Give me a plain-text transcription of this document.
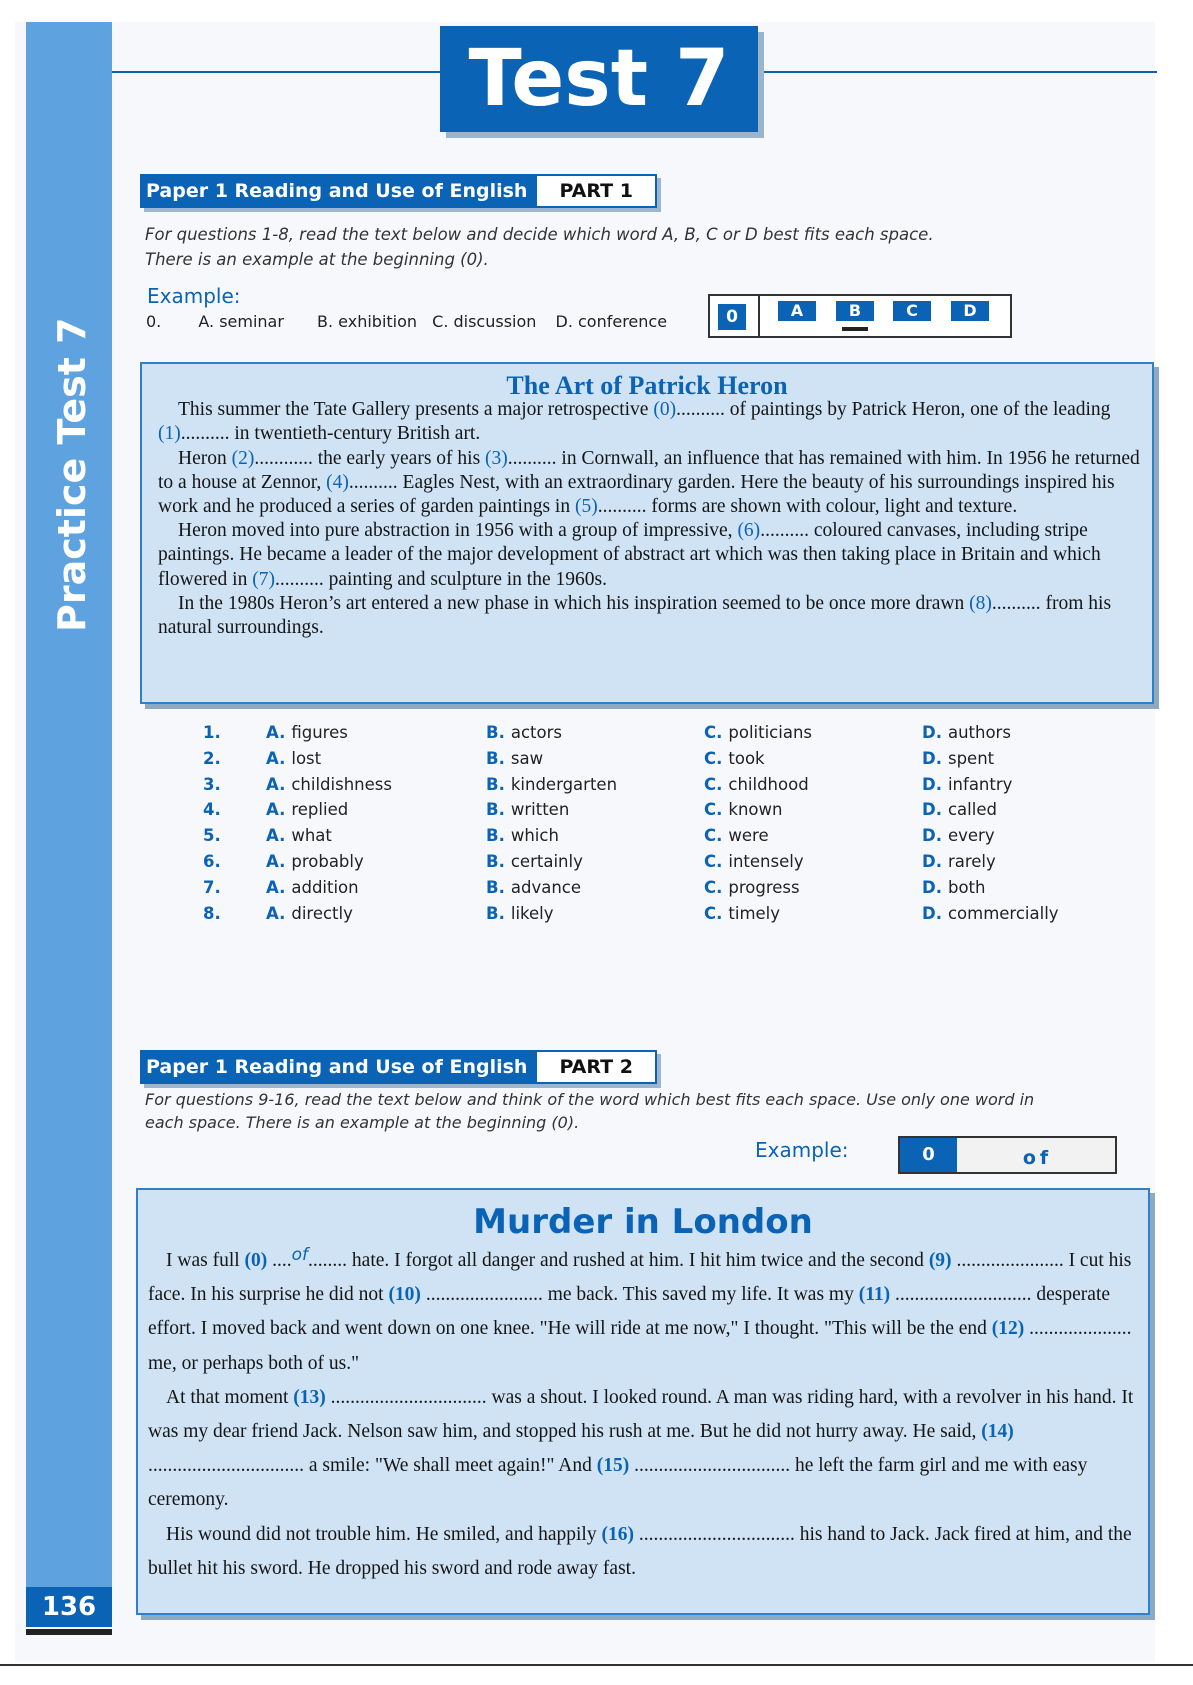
Practice Test 7
136
Test 7
Paper 1 Reading and Use of English	PART 1
For questions 1-8, read the text below and decide which word A, B, C or D best fits each space.
There is an example at the beginning (0).
Example:
0. A. seminar B. exhibition C. discussion D. conference	0	A	B	C	D
The Art of Patrick Heron

This summer the Tate Gallery presents a major retrospective (0).......... of paintings by Patrick Heron, one of the leading (1).......... in twentieth-century British art.

Heron (2)............ the early years of his (3).......... in Cornwall, an influence that has remained with him. In 1956 he returned to a house at Zennor, (4).......... Eagles Nest, with an extraordinary garden. Here the beauty of his surroundings inspired his work and he produced a series of garden paintings in (5).......... forms are shown with colour, light and texture.

Heron moved into pure abstraction in 1956 with a group of impressive, (6).......... coloured canvases, including stripe paintings. He became a leader of the major development of abstract art which was then taking place in Britain and which flowered in (7).......... painting and sculpture in the 1960s.

In the 1980s Heron’s art entered a new phase in which his inspiration seemed to be once more drawn (8).......... from his natural surroundings.

1.	A. figures	B. actors	C. politicians	D. authors
2.	A. lost	B. saw	C. took	D. spent
3.	A. childishness	B. kindergarten	C. childhood	D. infantry
4.	A. replied	B. written	C. known	D. called
5.	A. what	B. which	C. were	D. every
6.	A. probably	B. certainly	C. intensely	D. rarely
7.	A. addition	B. advance	C. progress	D. both
8.	A. directly	B. likely	C. timely	D. commercially
Paper 1 Reading and Use of English	PART 2
For questions 9-16, read the text below and think of the word which best fits each space. Use only one word in
each space. There is an example at the beginning (0).
Example:	0	of
Murder in London

I was full (0) ....of........ hate. I forgot all danger and rushed at him. I hit him twice and the second (9) ...................... I cut his face. In his surprise he did not (10) ........................ me back. This saved my life. It was my (11) ............................ desperate effort. I moved back and went down on one knee. "He will ride at me now," I thought. "This will be the end (12) ..................... me, or perhaps both of us."

At that moment (13) ................................ was a shout. I looked round. A man was riding hard, with a revolver in his hand. It was my dear friend Jack. Nelson saw him, and stopped his rush at me. But he did not hurry away. He said, (14) ................................ a smile: "We shall meet again!" And (15) ................................ he left the farm girl and me with easy ceremony.

His wound did not trouble him. He smiled, and happily (16) ................................ his hand to Jack. Jack fired at him, and the bullet hit his sword. He dropped his sword and rode away fast.
